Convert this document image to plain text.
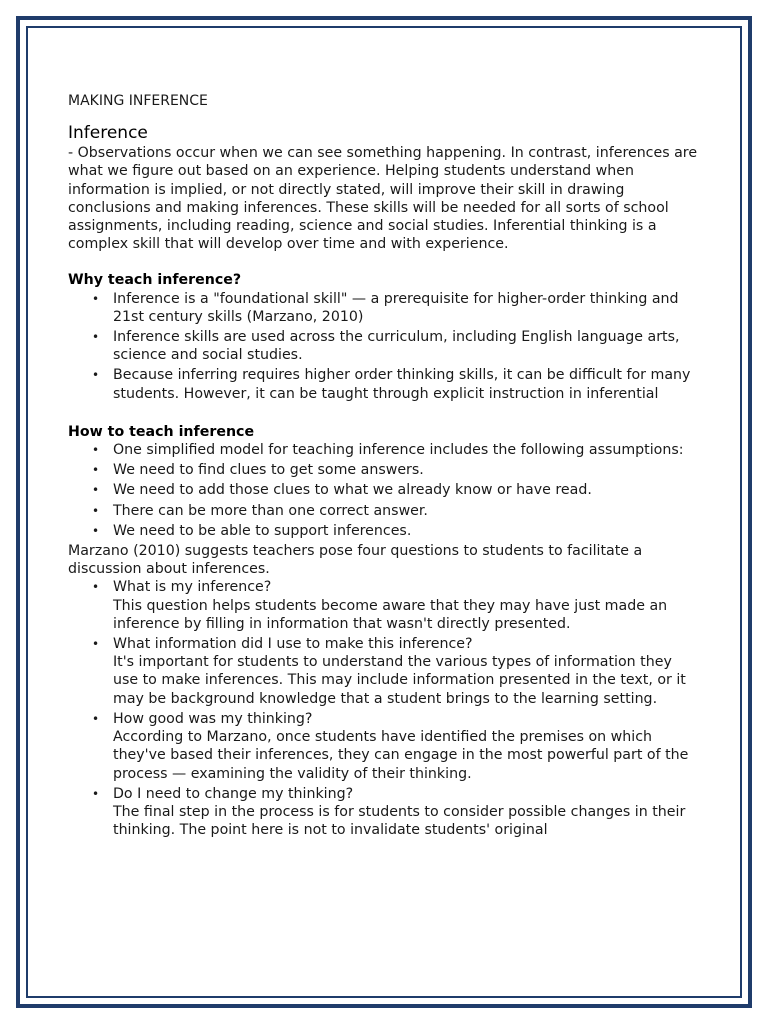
MAKING INFERENCE

Inference

- Observations occur when we can see something happening. In contrast, inferences are what we figure out based on an experience. Helping students understand when information is implied, or not directly stated, will improve their skill in drawing conclusions and making inferences. These skills will be needed for all sorts of school assignments, including reading, science and social studies. Inferential thinking is a complex skill that will develop over time and with experience.

Why teach inference?

• Inference is a "foundational skill" — a prerequisite for higher-order thinking and 21st century skills (Marzano, 2010)
• Inference skills are used across the curriculum, including English language arts, science and social studies.
• Because inferring requires higher order thinking skills, it can be difficult for many students. However, it can be taught through explicit instruction in inferential

How to teach inference

• One simplified model for teaching inference includes the following assumptions:
• We need to find clues to get some answers.
• We need to add those clues to what we already know or have read.
• There can be more than one correct answer.
• We need to be able to support inferences.

Marzano (2010) suggests teachers pose four questions to students to facilitate a discussion about inferences.

• What is my inference?
This question helps students become aware that they may have just made an inference by filling in information that wasn't directly presented.
• What information did I use to make this inference?
It's important for students to understand the various types of information they use to make inferences. This may include information presented in the text, or it may be background knowledge that a student brings to the learning setting.
• How good was my thinking?
According to Marzano, once students have identified the premises on which they've based their inferences, they can engage in the most powerful part of the process — examining the validity of their thinking.
• Do I need to change my thinking?
The final step in the process is for students to consider possible changes in their thinking. The point here is not to invalidate students' original
